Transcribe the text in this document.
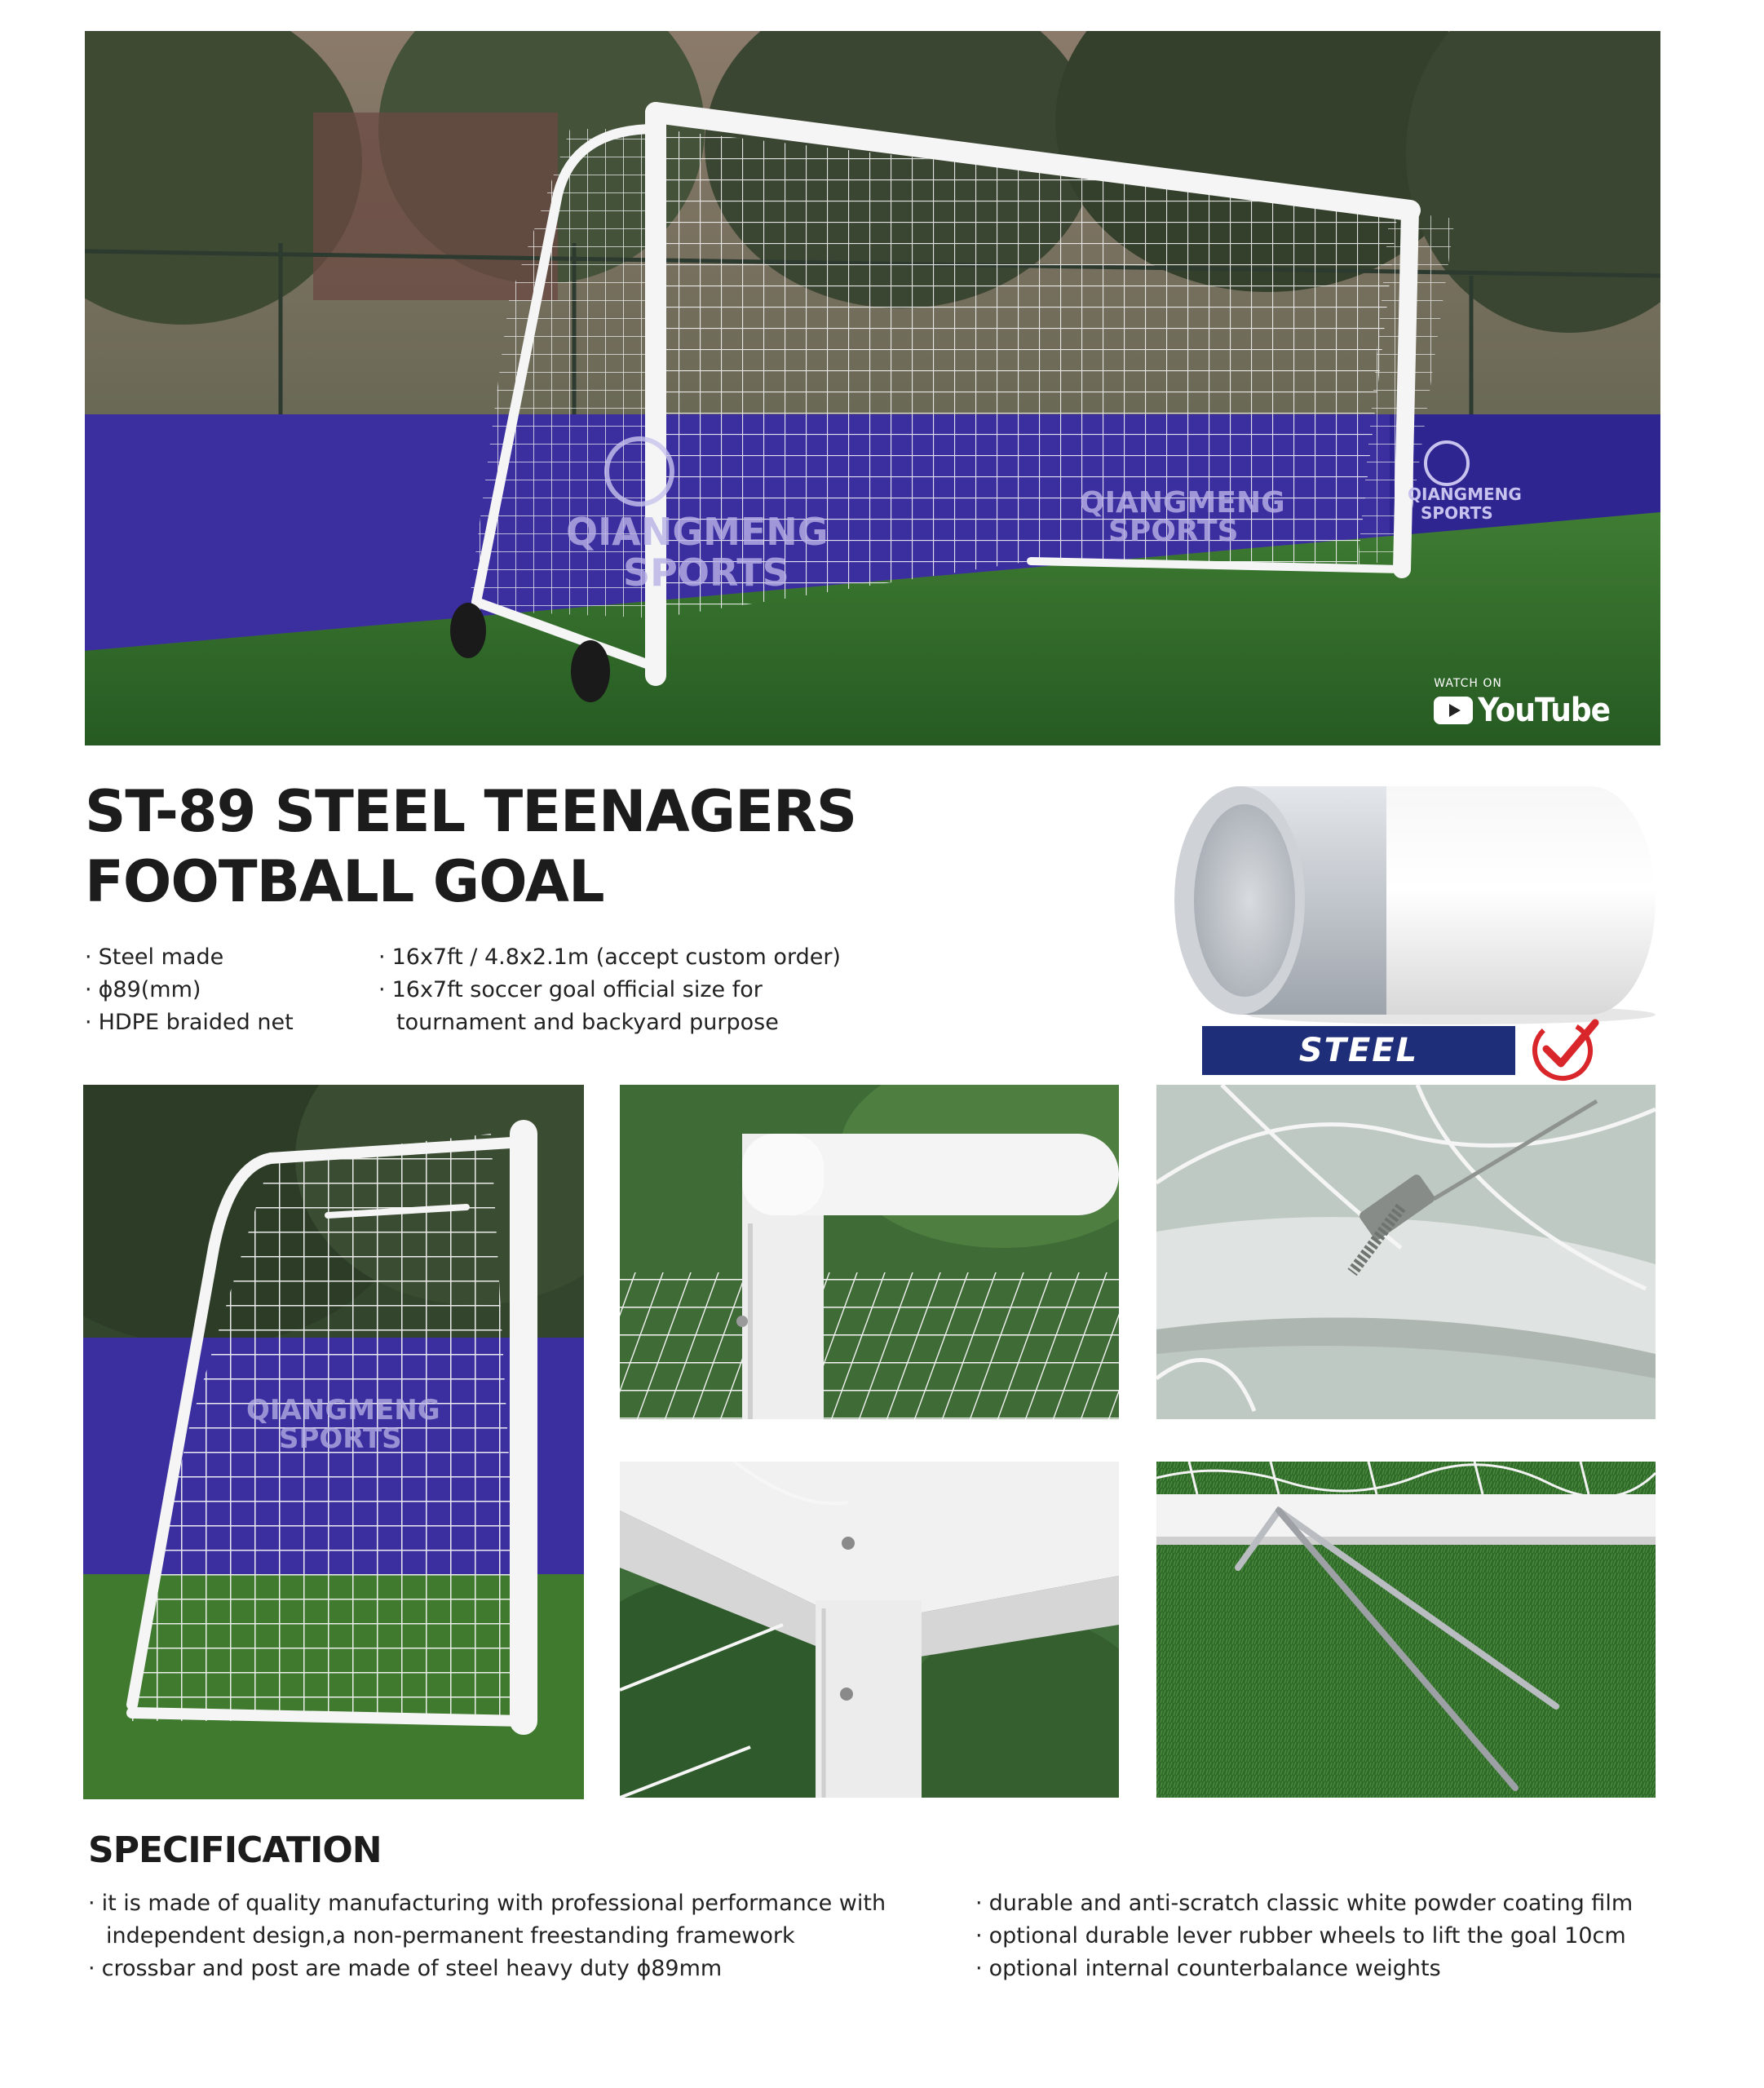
QIANGMENG
SPORTS
QIANGMENG
SPORTS
QIANGMENG
SPORTS
WATCH ON
YouTube
ST-89 STEEL TEENAGERS
FOOTBALL GOAL
· Steel made
· ϕ89(mm)
· HDPE braided net
· 16x7ft / 4.8x2.1m (accept custom order)
· 16x7ft soccer goal official size for
tournament and backyard purpose
STEEL
QIANGMENG
SPORTS
SPECIFICATION
· it is made of quality manufacturing with professional performance with
independent design,a non-permanent freestanding framework
· crossbar and post are made of steel heavy duty ϕ89mm
· durable and anti-scratch classic white powder coating film
· optional durable lever rubber wheels to lift the goal 10cm
· optional internal counterbalance weights
